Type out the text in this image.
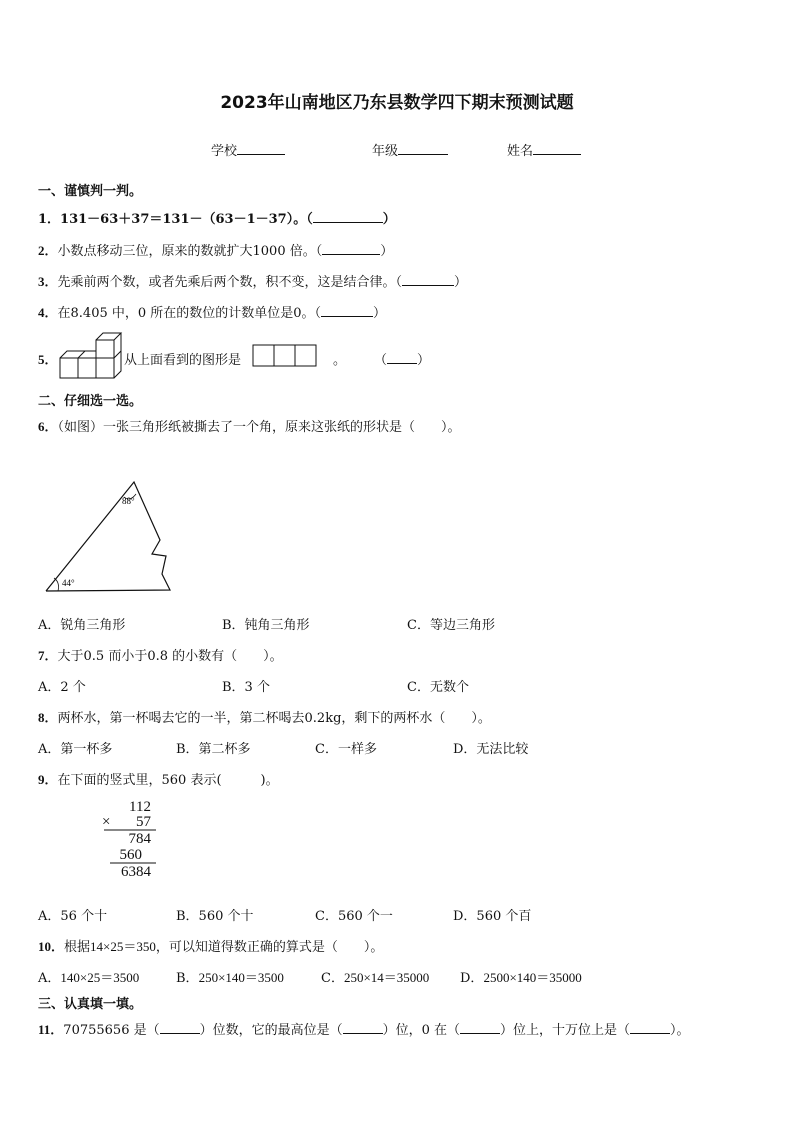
2023年山南地区乃东县数学四下期末预测试题
学校	年级	姓名
一、谨慎判一判。
1．131－63＋37＝131－（63－1－37）。（	）
2．小数点移动三位，原来的数就扩大1000 倍。（	）
3．先乘前两个数，或者先乘后两个数，积不变，这是结合律。（	）
4．在8.405 中，0 所在的数位的计数单位是0。（	）
5．	从上面看到的图形是	。 （ ）
二、仔细选一选。
6．（如图）一张三角形纸被撕去了一个角，原来这张纸的形状是（　　）。
88°
44°
A．锐角三角形	B．钝角三角形	C．等边三角形
7．大于0.5 而小于0.8 的小数有（　　）。
A．2 个	B．3 个	C．无数个
8．两杯水，第一杯喝去它的一半，第二杯喝去0.2kg，剩下的两杯水（　　）。
A．第一杯多	B．第二杯多	C．一样多	D．无法比较
9．在下面的竖式里，560 表示(　　　)。
112
× 57
784
560
6384
A．56 个十	B．560 个十	C．560 个一	D．560 个百
10．根据14×25＝350，可以知道得数正确的算式是（　　）。
A．140×25＝3500	B．250×140＝3500	C．250×14＝35000 D．2500×140＝35000
三、认真填一填。
11．70755656 是（	）位数，它的最高位是（	）位，0 在（	）位上，十万位上是（	）。
